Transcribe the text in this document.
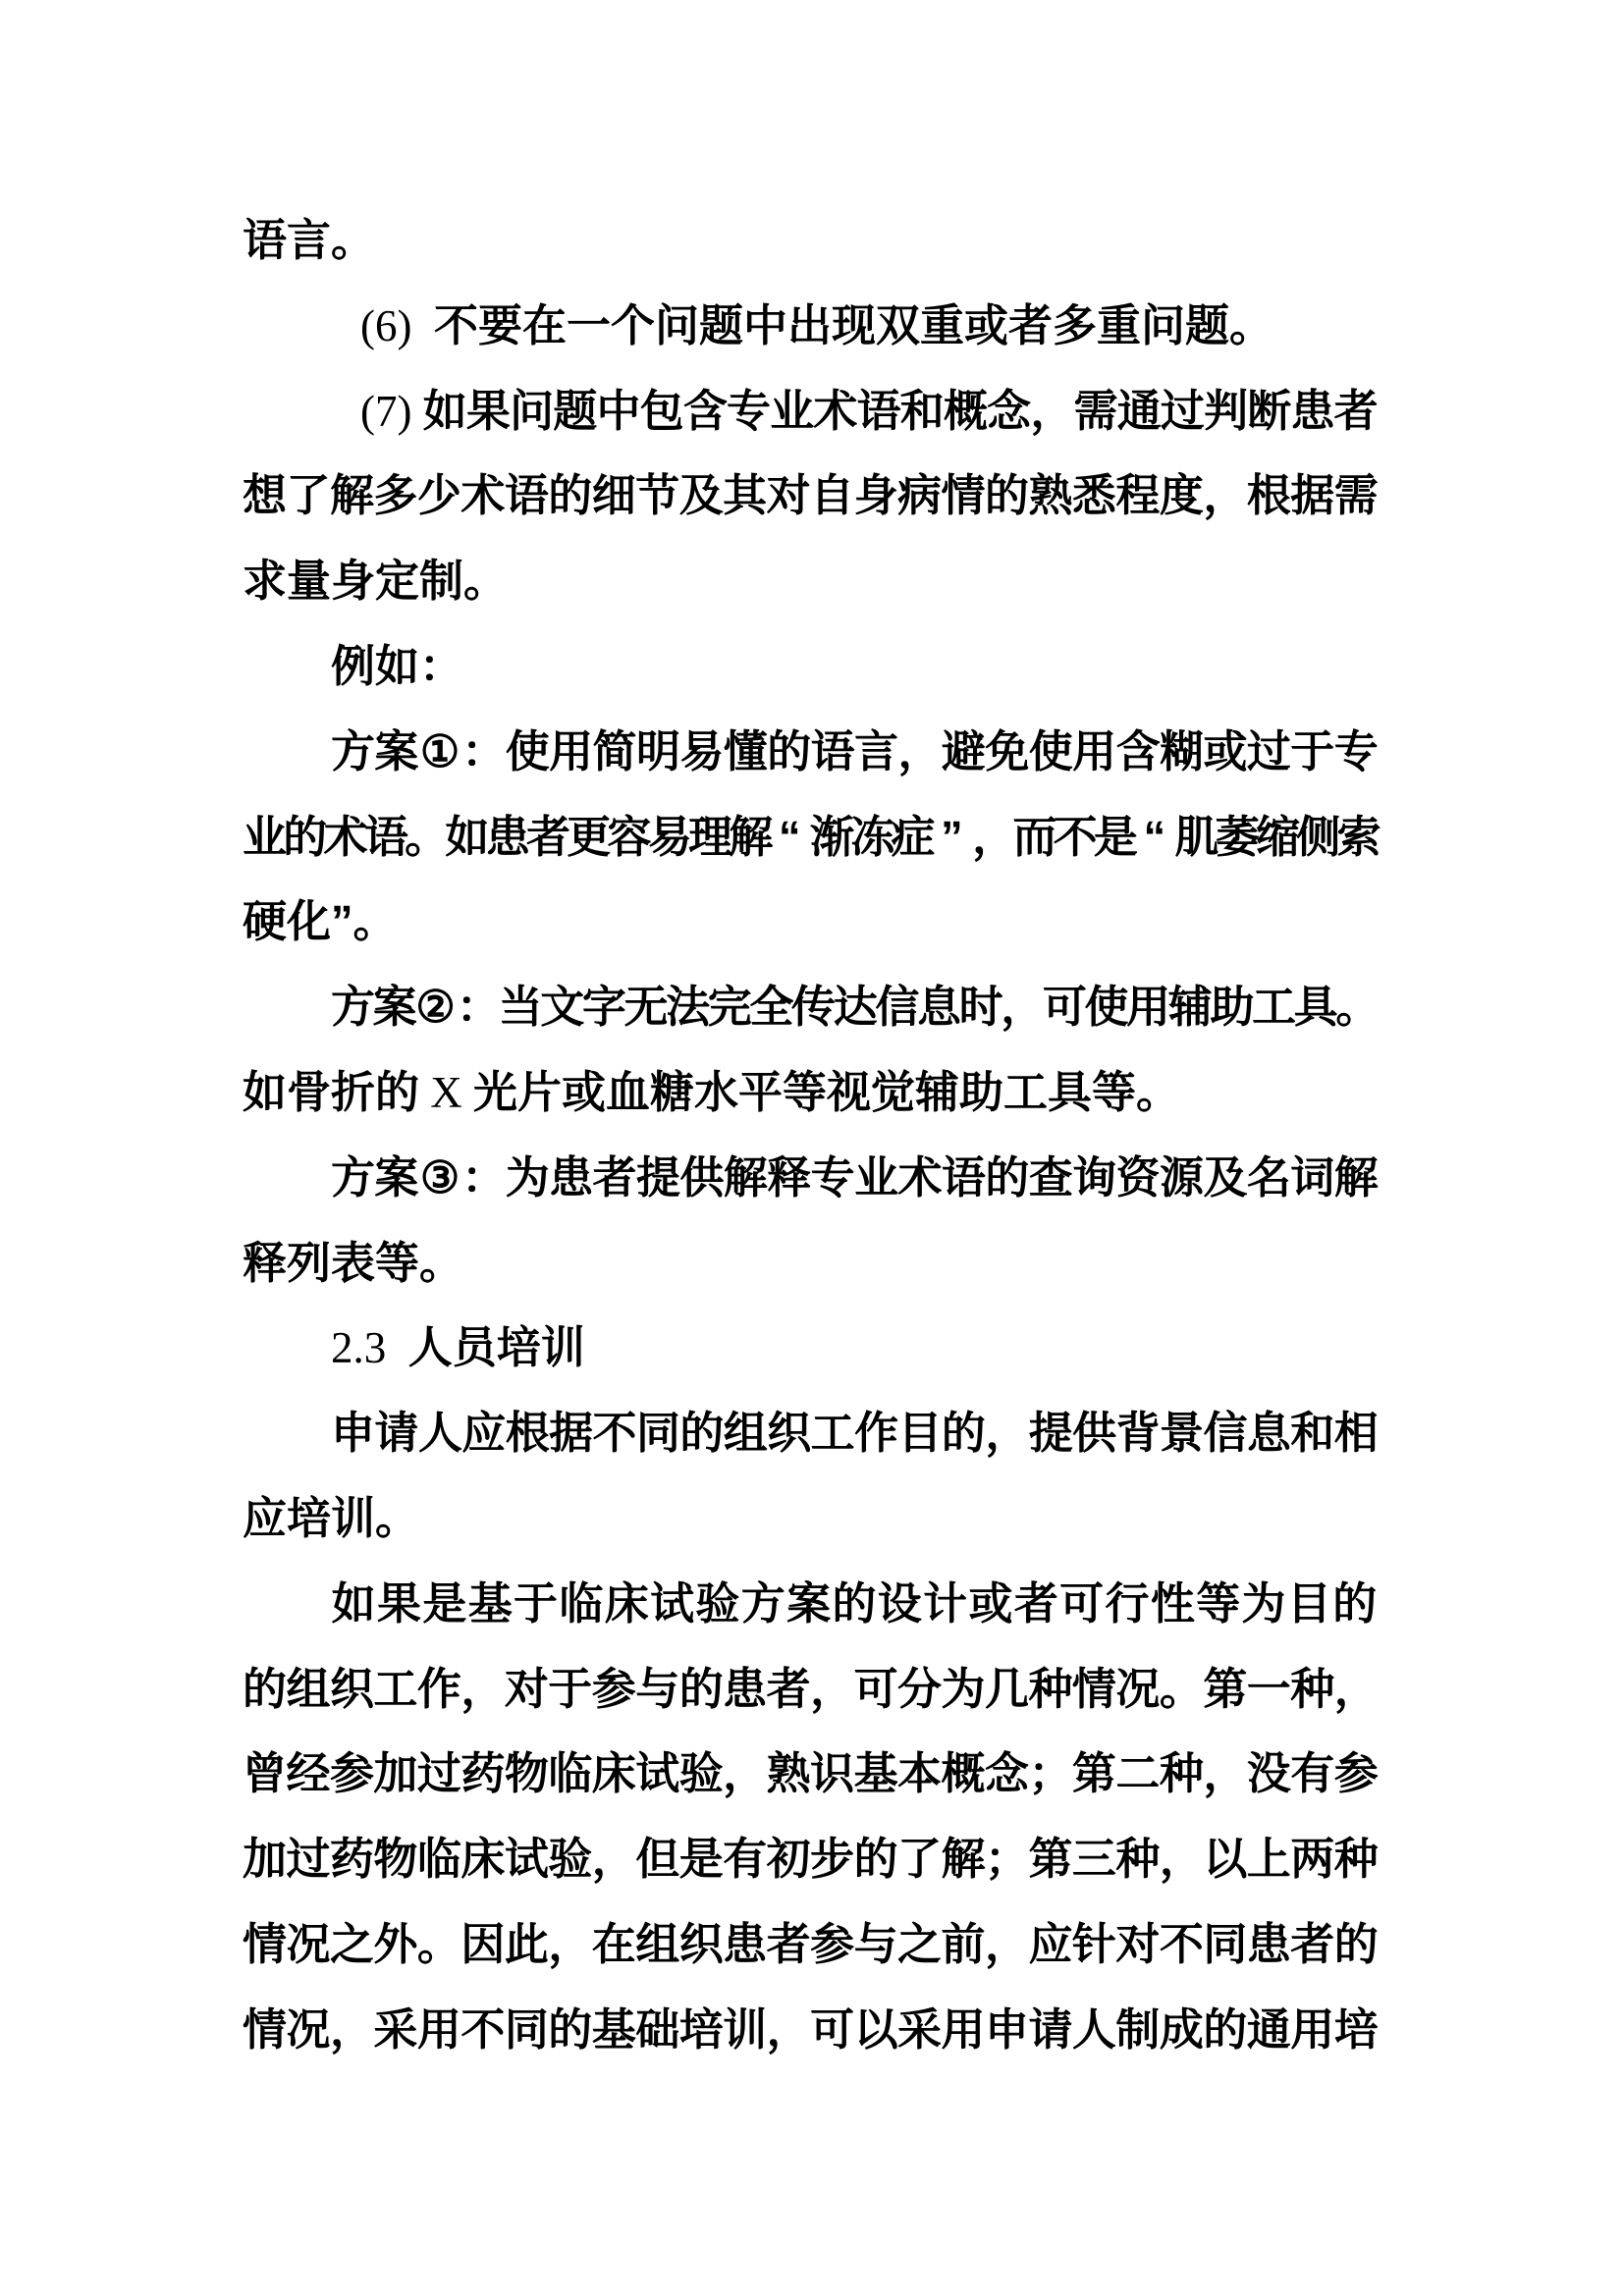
语言。
(6)  不要在一个问题中出现双重或者多重问题。
(7) 如 果 问 题 中 包 含 专 业 术 语 和 概 念 ， 需 通 过 判 断 患 者
想 了 解 多 少 术 语 的 细 节 及 其 对 自 身 病 情 的 熟 悉 程 度 ， 根 据 需
求量身定制。
例如：
方 案 ① ： 使 用 简 明 易 懂 的 语 言 ， 避 免 使 用 含 糊 或 过 于 专
业
的
术
语
。
如
患
者
更
容
易
理
解 “ 渐
冻
症 ” ，
而
不
是 “ 肌
萎
缩
侧
索
硬化”。
方
案
② ：
当
文
字
无
法
完
全
传
达
信
息
时
，
可
使
用
辅
助
工
具
。
如骨折的 X 光片或血糖水平等视觉辅助工具等。
方 案 ③ ： 为 患 者 提 供 解 释 专 业 术 语 的 查 询 资 源 及 名 词 解
释列表等。
2.3  人员培训
申 请 人 应 根 据 不 同 的 组 织 工 作 目 的 ， 提 供 背 景 信 息 和 相
应培训。
如 果 是 基 于 临 床 试 验 方 案 的 设 计 或 者 可 行 性 等 为 目 的
的 组 织 工 作 ， 对 于 参 与 的 患 者 ， 可 分 为 几 种 情 况 。 第 一 种 ，
曾 经 参 加 过 药 物 临 床 试 验 ， 熟 识 基 本 概 念 ； 第 二 种 ， 没 有 参
加 过 药 物 临 床 试 验 ， 但 是 有 初 步 的 了 解 ； 第 三 种 ， 以 上 两 种
情 况 之 外 。 因 此 ， 在 组 织 患 者 参 与 之 前 ， 应 针 对 不 同 患 者 的
情 况 ， 采 用 不 同 的 基 础 培 训 ， 可 以 采 用 申 请 人 制 成 的 通 用 培
